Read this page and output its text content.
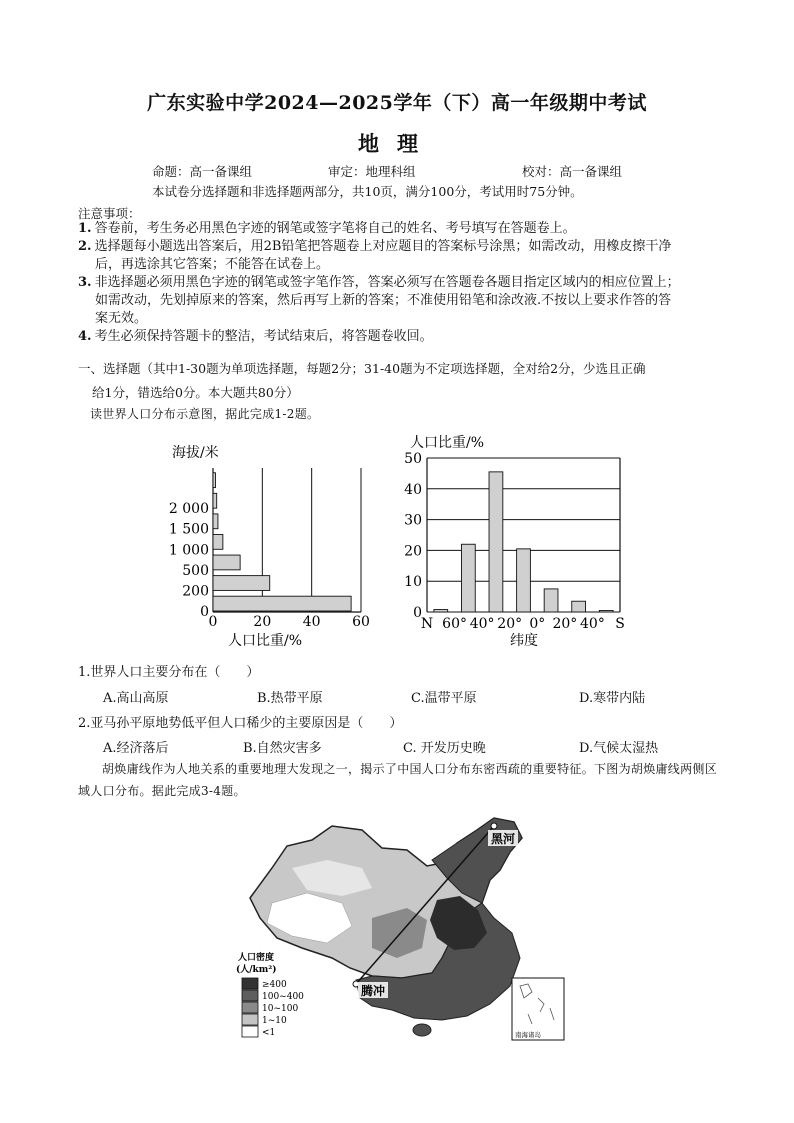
广东实验中学2024—2025学年（下）高一年级期中考试
地理
命题：高一备课组	审定：地理科组	校对：高一备课组
本试卷分选择题和非选择题两部分，共10页，满分100分，考试用时75分钟。
注意事项：
1. 答卷前，考生务必用黑色字迹的钢笔或签字笔将自己的姓名、考号填写在答题卷上。
2. 选择题每小题选出答案后，用2B铅笔把答题卷上对应题目的答案标号涂黑；如需改动，用橡皮擦干净
后，再选涂其它答案；不能答在试卷上。
3. 非选择题必须用黑色字迹的钢笔或签字笔作答，答案必须写在答题卷各题目指定区域内的相应位置上；
如需改动，先划掉原来的答案，然后再写上新的答案；不准使用铅笔和涂改液.不按以上要求作答的答
案无效。
4. 考生必须保持答题卡的整洁，考试结束后，将答题卷收回。
一、选择题（其中1-30题为单项选择题，每题2分；31-40题为不定项选择题，全对给2分，少选且正确
给1分，错选给0分。本大题共80分）
读世界人口分布示意图，据此完成1-2题。
海拔/米
0
200
500
1 000
1 500
2 000
0	20 40 60
人口比重/%
人口比重/%
0
10
20
30
40
50
N 60° 40° 20° 0° 20° 40° S
纬度
1.世界人口主要分布在（　　）
A.高山高原	B.热带平原	C.温带平原	D.寒带内陆
2.亚马孙平原地势低平但人口稀少的主要原因是（　　）
A.经济落后	B.自然灾害多	C. 开发历史晚	D.气候太湿热
胡焕庸线作为人地关系的重要地理大发现之一，揭示了中国人口分布东密西疏的重要特征。下图为胡焕庸线两侧区域人口分布。据此完成3-4题。
黑河
腾冲
人口密度
(人/km²)
≥400
100~400
10~100
1~10
<1	南海诸岛
